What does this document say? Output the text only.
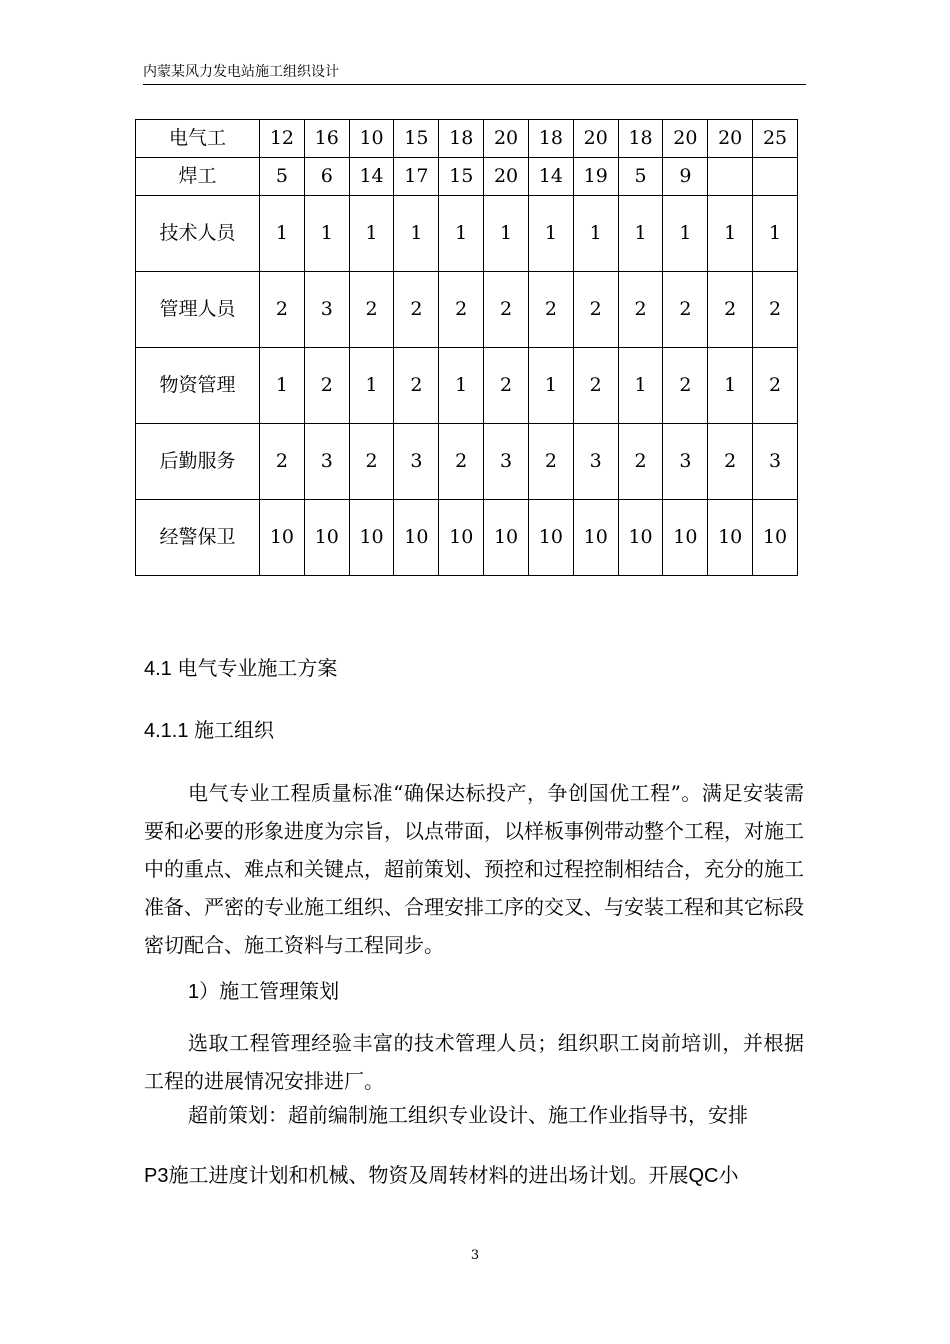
内蒙某风力发电站施工组织设计
电气工	12	16	10	15	18	20	18	20	18	20	20	25
焊工	5	6	14	17	15	20	14	19	5	9		
技术人员	1	1	1	1	1	1	1	1	1	1	1	1
管理人员	2	3	2	2	2	2	2	2	2	2	2	2
物资管理	1	2	1	2	1	2	1	2	1	2	1	2
后勤服务	2	3	2	3	2	3	2	3	2	3	2	3
经警保卫	10	10	10	10	10	10	10	10	10	10	10	10
4.1 电气专业施工方案
4.1.1 施工组织
电气专业工程质量标准“确保达标投产，争创国优工程”。满足安装需要和必要的形象进度为宗旨，以点带面，以样板事例带动整个工程，对施工中的重点、难点和关键点，超前策划、预控和过程控制相结合，充分的施工准备、严密的专业施工组织、合理安排工序的交叉、与安装工程和其它标段密切配合、施工资料与工程同步。
1）施工管理策划
选取工程管理经验丰富的技术管理人员；组织职工岗前培训，并根据工程的进展情况安排进厂。
超前策划：超前编制施工组织专业设计、施工作业指导书，安排
P3施工进度计划和机械、物资及周转材料的进出场计划。开展QC小
3
